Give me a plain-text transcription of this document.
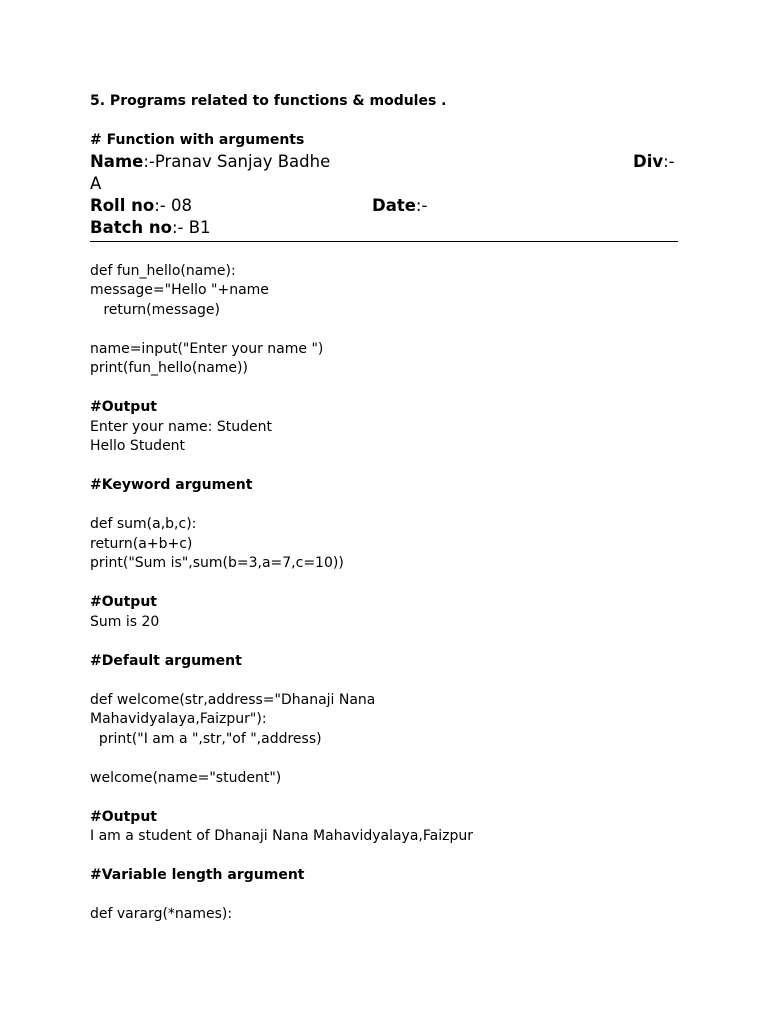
5. Programs related to functions & modules .
# Function with arguments
Name:-Pranav Sanjay Badhe	Div:-
A
Roll no:- 08	Date:-
Batch no:- B1
def fun_hello(name):
message="Hello "+name
return(message)
name=input("Enter your name ")
print(fun_hello(name))
#Output
Enter your name: Student
Hello Student
#Keyword argument
def sum(a,b,c):
return(a+b+c)
print("Sum is",sum(b=3,a=7,c=10))
#Output
Sum is 20
#Default argument
def welcome(str,address="Dhanaji Nana
Mahavidyalaya,Faizpur"):
print("I am a ",str,"of ",address)
welcome(name="student")
#Output
I am a student of Dhanaji Nana Mahavidyalaya,Faizpur
#Variable length argument
def vararg(*names):
